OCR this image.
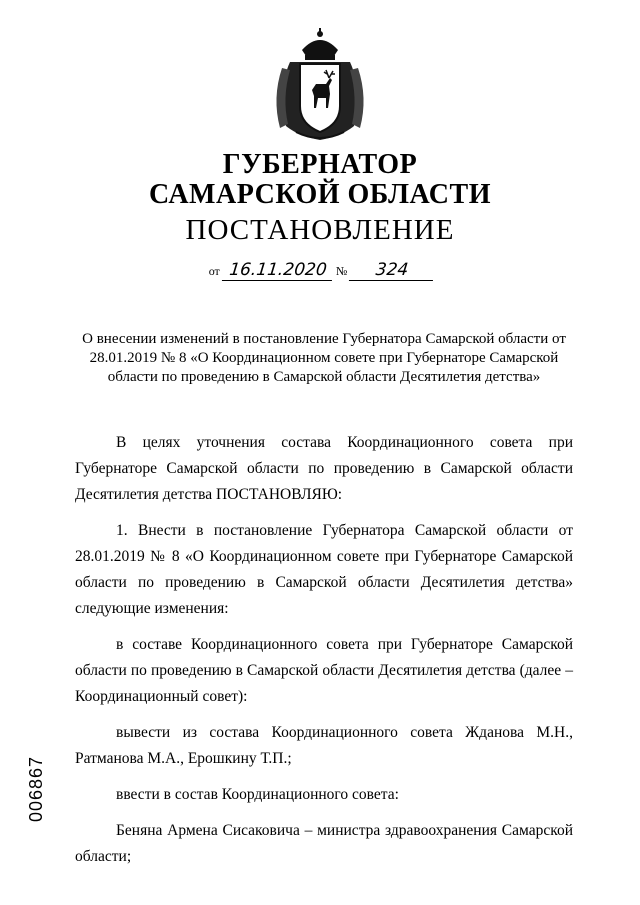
ГУБЕРНАТОР
САМАРСКОЙ ОБЛАСТИ
ПОСТАНОВЛЕНИЕ
от 16.11.2020 № 324
О внесении изменений в постановление Губернатора Самарской области от 28.01.2019 № 8 «О Координационном совете при Губернаторе Самарской области по проведению в Самарской области Десятилетия детства»

В целях уточнения состава Координационного совета при Губернаторе Самарской области по проведению в Самарской области Десятилетия детства ПОСТАНОВЛЯЮ:

1. Внести в постановление Губернатора Самарской области от 28.01.2019 № 8 «О Координационном совете при Губернаторе Самарской области по проведению в Самарской области Десятилетия детства» следующие изменения:

в составе Координационного совета при Губернаторе Самарской области по проведению в Самарской области Десятилетия детства (далее – Координационный совет):

вывести из состава Координационного совета Жданова М.Н., Ратманова М.А., Ерошкину Т.П.;

ввести в состав Координационного совета:

Беняна Армена Сисаковича – министра здравоохранения Самарской области;

006867
